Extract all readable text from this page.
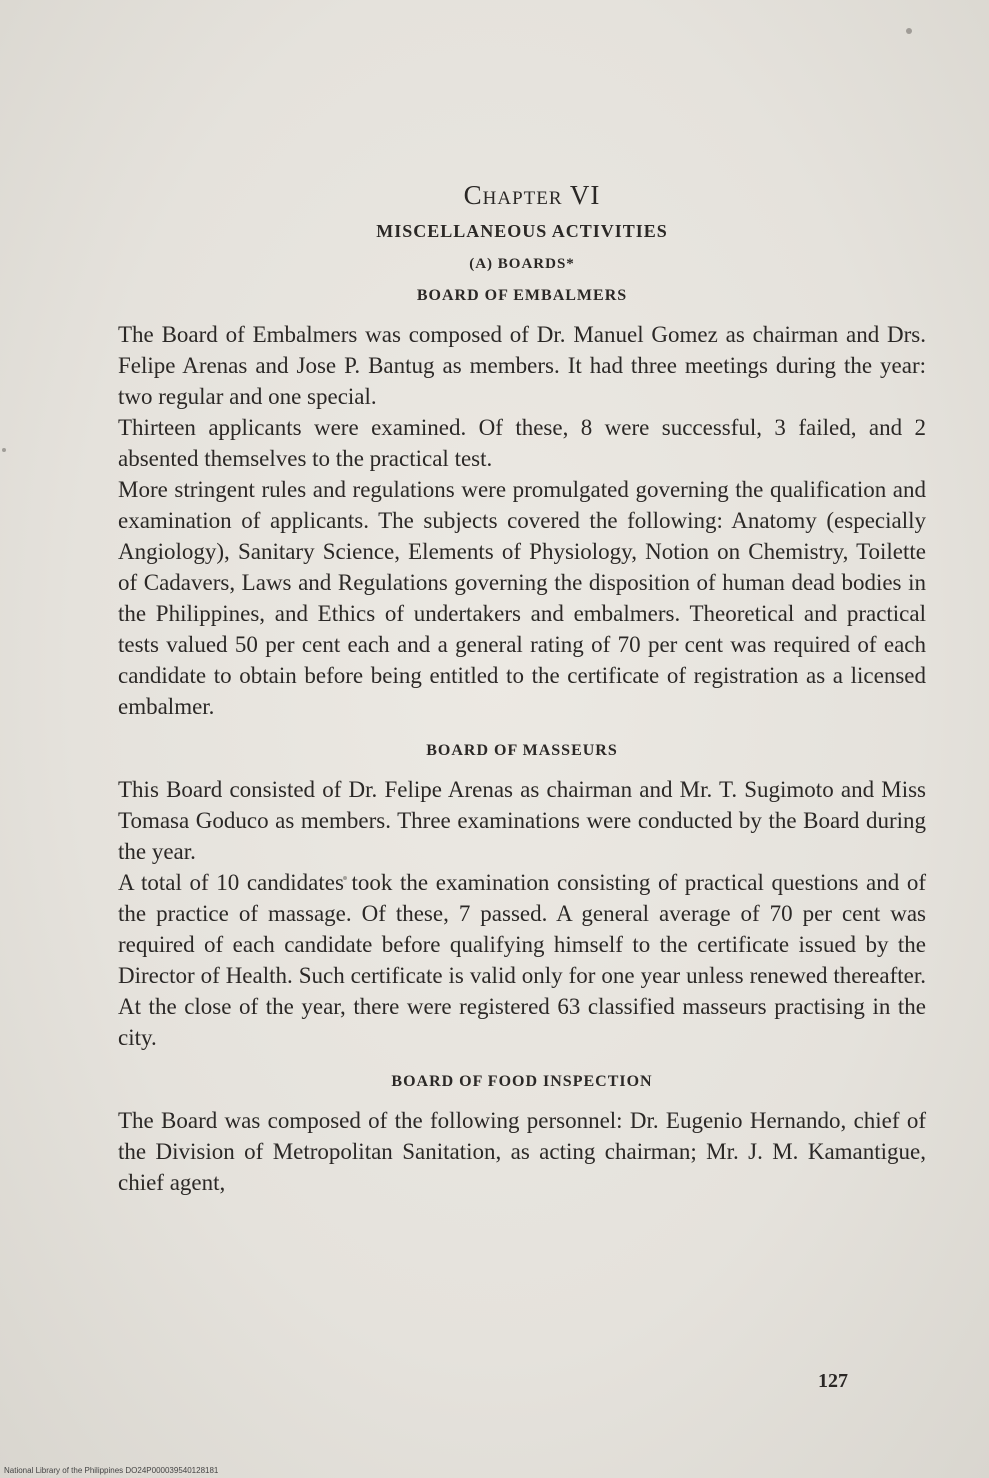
Chapter VI
MISCELLANEOUS ACTIVITIES
(A) BOARDS*
BOARD OF EMBALMERS

The Board of Embalmers was composed of Dr. Manuel Gomez as chairman and Drs. Felipe Arenas and Jose P. Bantug as members. It had three meetings during the year: two regular and one special.

Thirteen applicants were examined. Of these, 8 were successful, 3 failed, and 2 absented themselves to the practical test.

More stringent rules and regulations were promulgated governing the qualification and examination of applicants. The subjects covered the following: Anatomy (especially Angiology), Sanitary Science, Elements of Physiology, Notion on Chemistry, Toilette of Cadavers, Laws and Regulations governing the disposition of human dead bodies in the Philippines, and Ethics of undertakers and embalmers. Theoretical and practical tests valued 50 per cent each and a general rating of 70 per cent was required of each candidate to obtain before being entitled to the certificate of registration as a licensed embalmer.

BOARD OF MASSEURS

This Board consisted of Dr. Felipe Arenas as chairman and Mr. T. Sugimoto and Miss Tomasa Goduco as members. Three examinations were conducted by the Board during the year.

A total of 10 candidates took the examination consisting of practical questions and of the practice of massage. Of these, 7 passed. A general average of 70 per cent was required of each candidate before qualifying himself to the certificate issued by the Director of Health. Such certificate is valid only for one year unless renewed thereafter. At the close of the year, there were registered 63 classified masseurs practising in the city.

BOARD OF FOOD INSPECTION

The Board was composed of the following personnel: Dr. Eugenio Hernando, chief of the Division of Metropolitan Sanitation, as acting chairman; Mr. J. M. Kamantigue, chief agent,

127
National Library of the Philippines DO24P000039540128181
